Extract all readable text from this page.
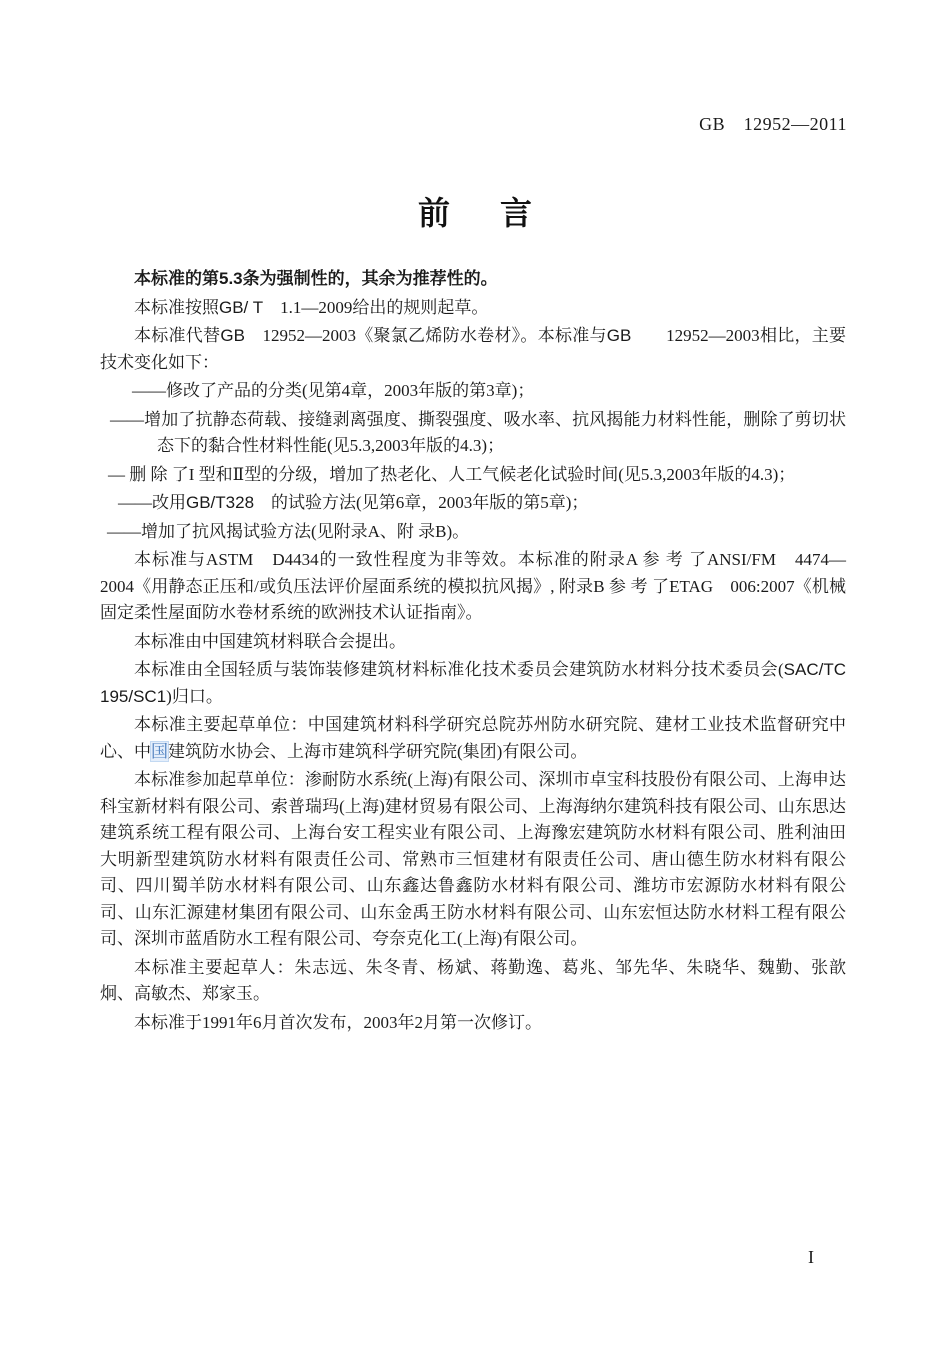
GB　12952—2011
前　言

本标准的第5.3条为强制性的，其余为推荐性的。

本标准按照GB/ T　1.1—2009给出的规则起草。

本标准代替GB　12952—2003《聚氯乙烯防水卷材》。本标准与GB　　12952—2003相比，主要技术变化如下：

——修改了产品的分类(见第4章，2003年版的第3章)；

——增加了抗静态荷载、接缝剥离强度、撕裂强度、吸水率、抗风揭能力材料性能，删除了剪切状态下的黏合性材料性能(见5.3,2003年版的4.3)；

— 删 除 了I 型和Ⅱ型的分级，增加了热老化、人工气候老化试验时间(见5.3,2003年版的4.3)；

——改用GB/T328　的试验方法(见第6章，2003年版的第5章)；

——增加了抗风揭试验方法(见附录A、附 录B)。

本标准与ASTM　D4434的一致性程度为非等效。本标准的附录A 参 考 了ANSI/FM　4474—2004《用静态正压和/或负压法评价屋面系统的模拟抗风揭》, 附录B 参 考 了ETAG　006:2007《机械固定柔性屋面防水卷材系统的欧洲技术认证指南》。

本标准由中国建筑材料联合会提出。

本标准由全国轻质与装饰装修建筑材料标准化技术委员会建筑防水材料分技术委员会(SAC/TC　195/SC1)归口。

本标准主要起草单位：中国建筑材料科学研究总院苏州防水研究院、建材工业技术监督研究中心、中国建筑防水协会、上海市建筑科学研究院(集团)有限公司。

本标准参加起草单位：渗耐防水系统(上海)有限公司、深圳市卓宝科技股份有限公司、上海申达科宝新材料有限公司、索普瑞玛(上海)建材贸易有限公司、上海海纳尔建筑科技有限公司、山东思达建筑系统工程有限公司、上海台安工程实业有限公司、上海豫宏建筑防水材料有限公司、胜利油田大明新型建筑防水材料有限责任公司、常熟市三恒建材有限责任公司、唐山德生防水材料有限公司、四川蜀羊防水材料有限公司、山东鑫达鲁鑫防水材料有限公司、潍坊市宏源防水材料有限公司、山东汇源建材集团有限公司、山东金禹王防水材料有限公司、山东宏恒达防水材料工程有限公司、深圳市蓝盾防水工程有限公司、夸奈克化工(上海)有限公司。

本标准主要起草人：朱志远、朱冬青、杨斌、蒋勤逸、葛兆、邹先华、朱晓华、魏勤、张歆炯、高敏杰、郑家玉。

本标准于1991年6月首次发布，2003年2月第一次修订。

I
